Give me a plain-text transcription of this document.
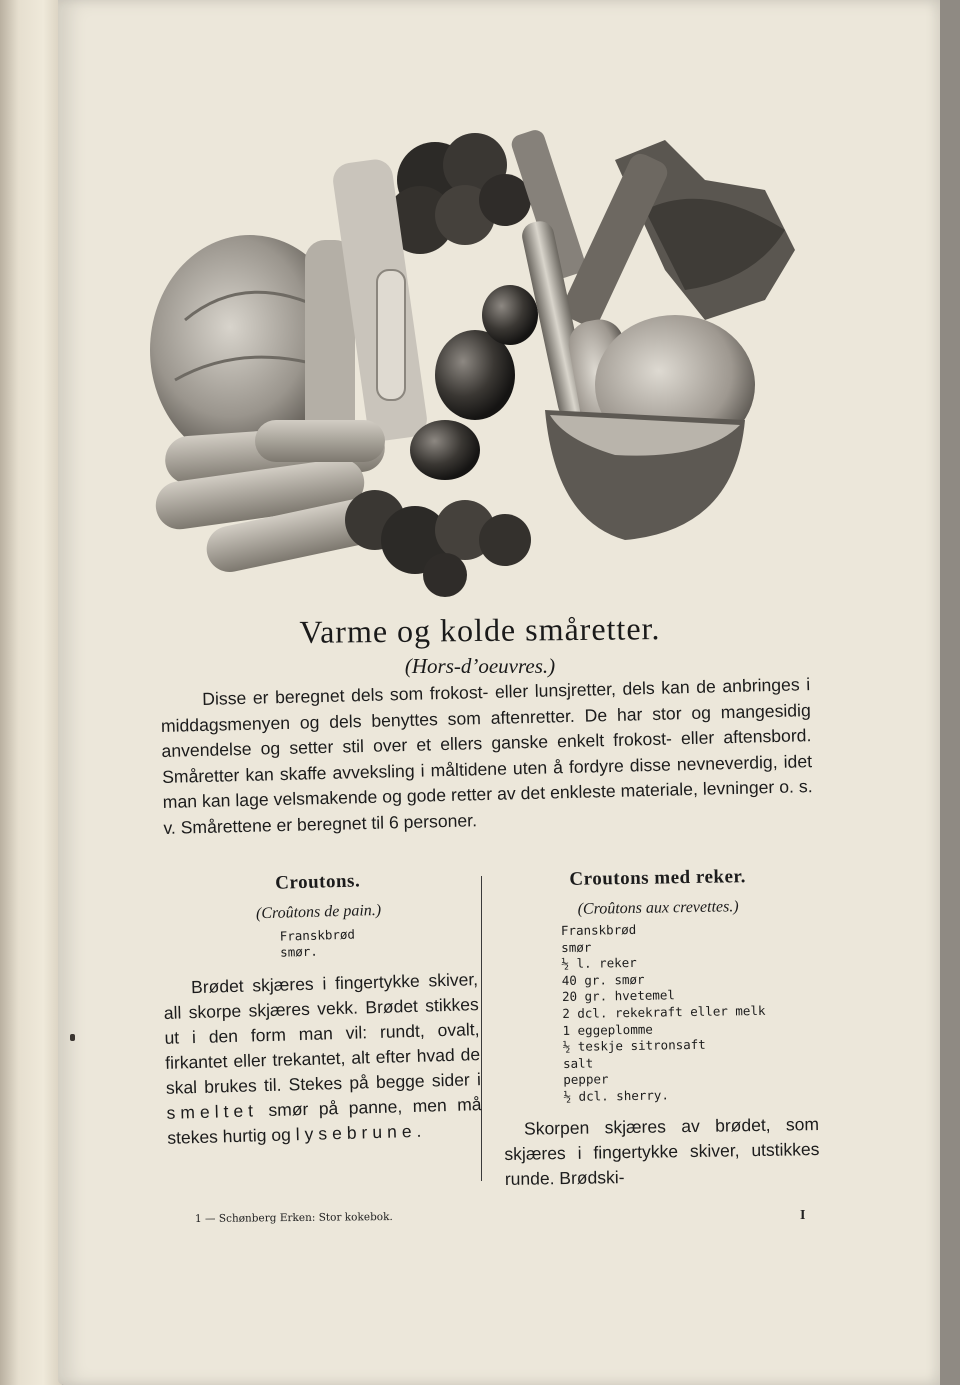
Varme og kolde småretter.
(Hors-d’oeuvres.)

Disse er beregnet dels som frokost- eller lunsjretter, dels kan de anbringes i middagsmenyen og dels benyttes som aftenretter. De har stor og mangesidig anvendelse og setter stil over et ellers ganske enkelt frokost- eller aftensbord. Småretter kan skaffe avveksling i måltidene uten å fordyre disse nevneverdig, idet man kan lage velsmakende og gode retter av det enkleste materiale, levninger o. s. v. Smårettene er beregnet til 6 personer.

Croutons.
(Croûtons de pain.)
Franskbrød
smør.

Brødet skjæres i fingertykke skiver, all skorpe skjæres vekk. Brødet stikkes ut i den form man vil: rundt, ovalt, firkantet eller trekantet, alt efter hvad de skal brukes til. Stekes på begge sider i smeltet smør på panne, men må stekes hurtig og lysebrune.

Croutons med reker.
(Croûtons aux crevettes.)
Franskbrød
smør
½ l. reker
40 gr. smør
20 gr. hvetemel
2 dcl. rekekraft eller melk
1 eggeplomme
½ teskje sitronsaft
salt
pepper
½ dcl. sherry.

Skorpen skjæres av brødet, som skjæres i fingertykke skiver, utstikkes runde. Brødski-

1 — Schønberg Erken: Stor kokebok.	I
